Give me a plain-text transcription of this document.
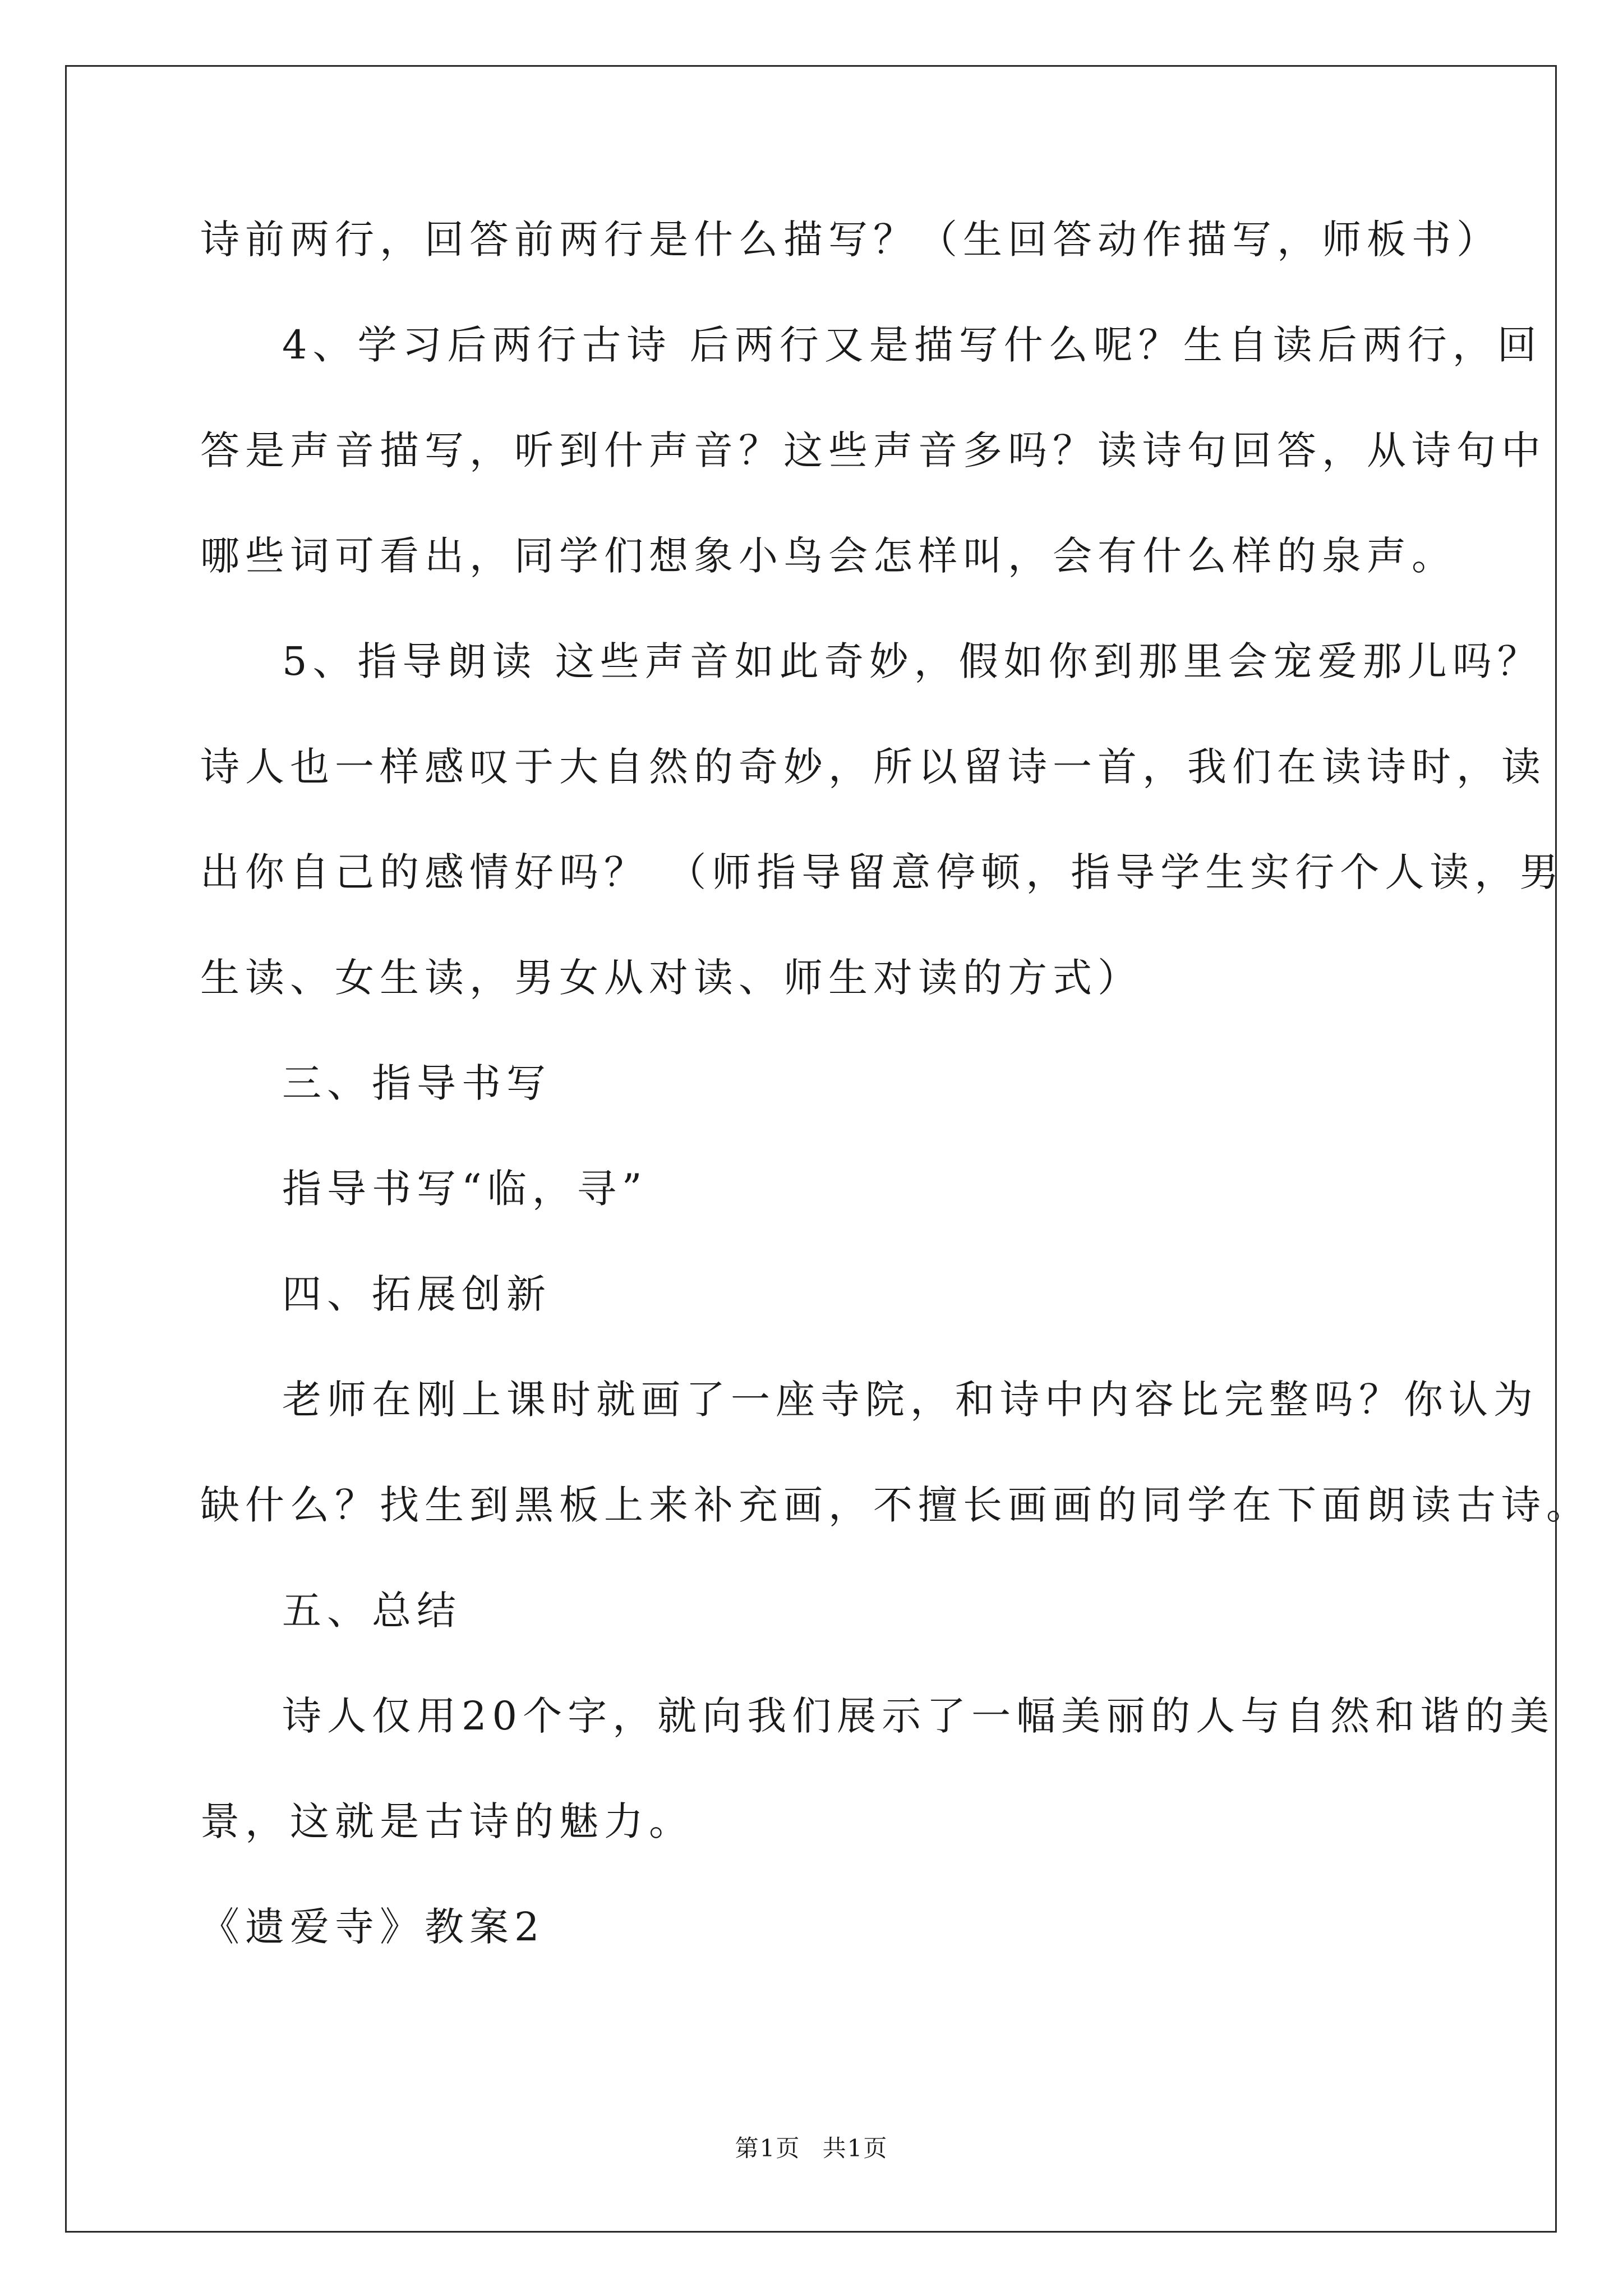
诗前两行，回答前两行是什么描写？（生回答动作描写，师板书）
4、学习后两行古诗 后两行又是描写什么呢？生自读后两行，回
答是声音描写，听到什声音？这些声音多吗？读诗句回答，从诗句中
哪些词可看出，同学们想象小鸟会怎样叫，会有什么样的泉声。
5、指导朗读 这些声音如此奇妙，假如你到那里会宠爱那儿吗？
诗人也一样感叹于大自然的奇妙，所以留诗一首，我们在读诗时，读
出你自己的感情好吗？ （师指导留意停顿，指导学生实行个人读，男
生读、女生读，男女从对读、师生对读的方式）
三、指导书写
指导书写“临，寻”
四、拓展创新
老师在刚上课时就画了一座寺院，和诗中内容比完整吗？你认为
缺什么？找生到黑板上来补充画，不擅长画画的同学在下面朗读古诗。
五、总结
诗人仅用20个字，就向我们展示了一幅美丽的人与自然和谐的美
景，这就是古诗的魅力。
《遗爱寺》教案2
第1页 共1页
